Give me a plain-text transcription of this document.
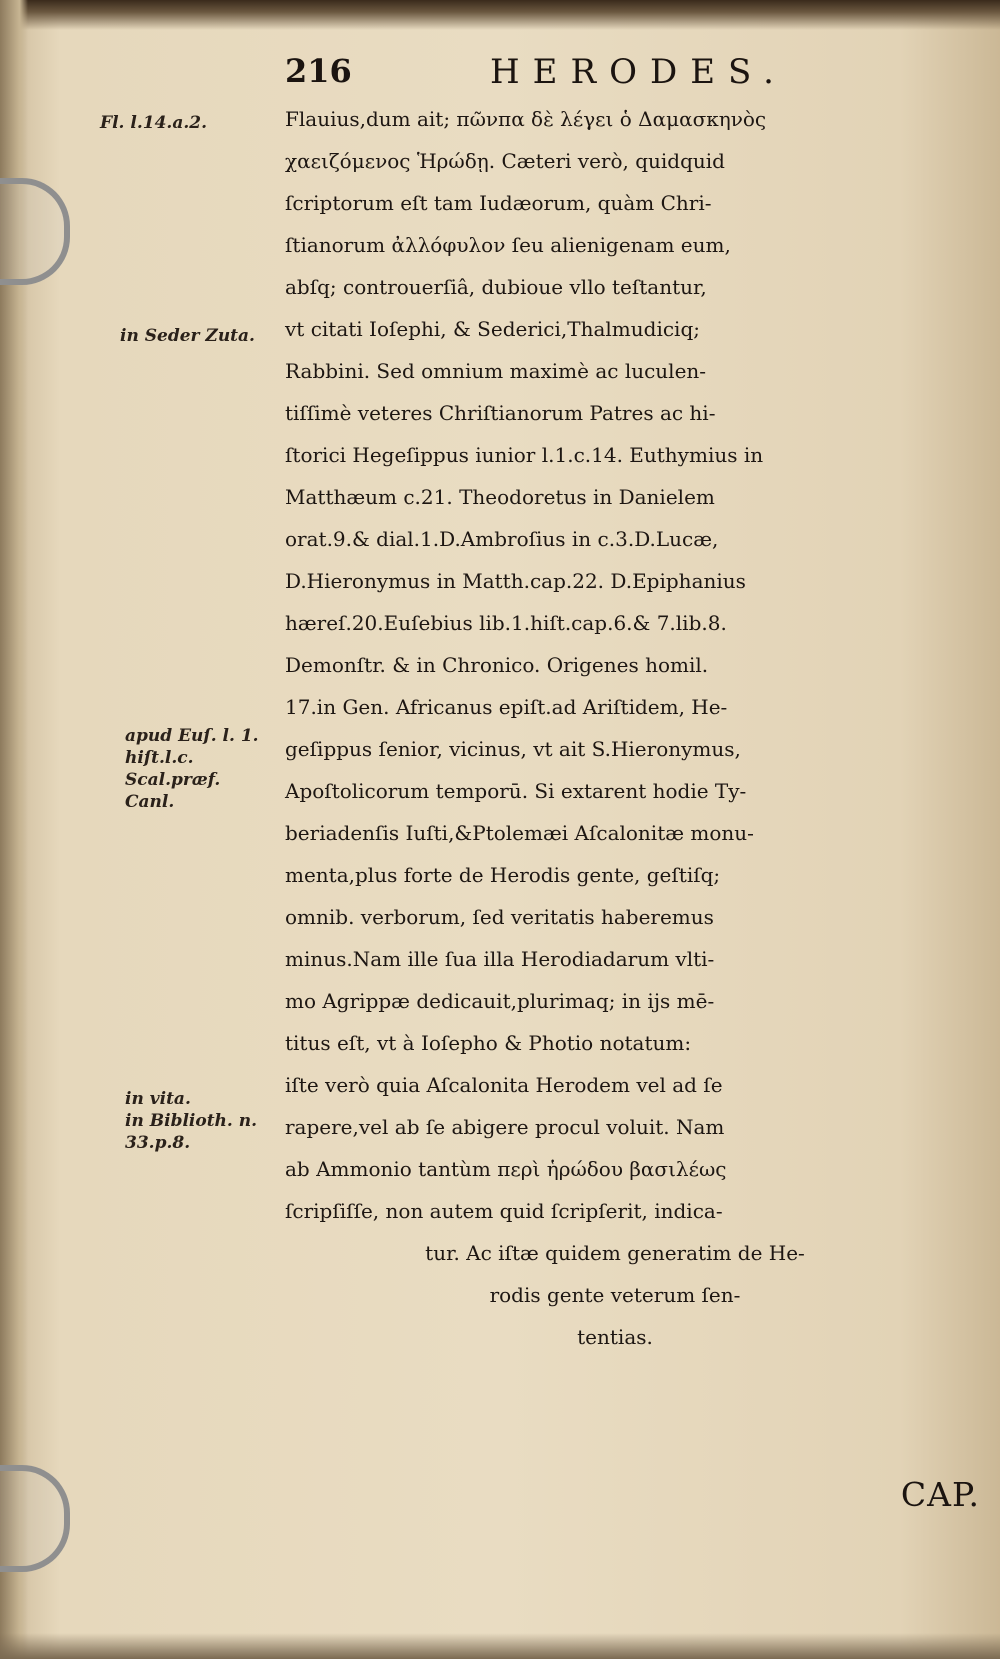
216	HERODES.
Fl. l.14.a.2.
in Seder Zuta.
apud Euſ. l. 1.
hiſt.l.c.
Scal.præf.
Canl.
in vita.
in Biblioth. n.
33.p.8.
Flauius,dum ait; πῶνπα δὲ λέγει ὁ Δαμασκηνὸς
χαειζόμενος Ἡρώδῃ. Cæteri verò, quidquid
ſcriptorum eſt tam Iudæorum, quàm Chri-
ſtianorum ἀλλόφυλον ſeu alienigenam eum,
abſq; controuerſiâ, dubioue vllo teſtantur,
vt citati Ioſephi, & Sederici,Thalmudiciq;
Rabbini. Sed omnium maximè ac luculen-
tiſſimè veteres Chriſtianorum Patres ac hi-
ſtorici Hegeſippus iunior l.1.c.14. Euthymius in
Matthæum c.21. Theodoretus in Danielem
orat.9.& dial.1.D.Ambroſius in c.3.D.Lucæ,
D.Hieronymus in Matth.cap.22. D.Epiphanius
hæreſ.20.Euſebius lib.1.hiſt.cap.6.& 7.lib.8.
Demonſtr. & in Chronico. Origenes homil.
17.in Gen. Africanus epiſt.ad Ariſtidem, He-
geſippus ſenior, vicinus, vt ait S.Hieronymus,
Apoſtolicorum temporū. Si extarent hodie Ty-
beriadenſis Iuſti,&Ptolemæi Aſcalonitæ monu-
menta,plus forte de Herodis gente, geſtiſq;
omnib. verborum, ſed veritatis haberemus
minus.Nam ille ſua illa Herodiadarum vlti-
mo Agrippæ dedicauit,plurimaq; in ijs mē-
titus eſt, vt à Ioſepho & Photio notatum:
iſte verò quia Aſcalonita Herodem vel ad ſe
rapere,vel ab ſe abigere procul voluit. Nam
ab Ammonio tantùm περὶ ἡρώδου βασιλέως
ſcripſiſſe, non autem quid ſcripſerit, indica-
tur. Ac iſtæ quidem generatim de He-
rodis gente veterum ſen-
tentias.
CAP.
